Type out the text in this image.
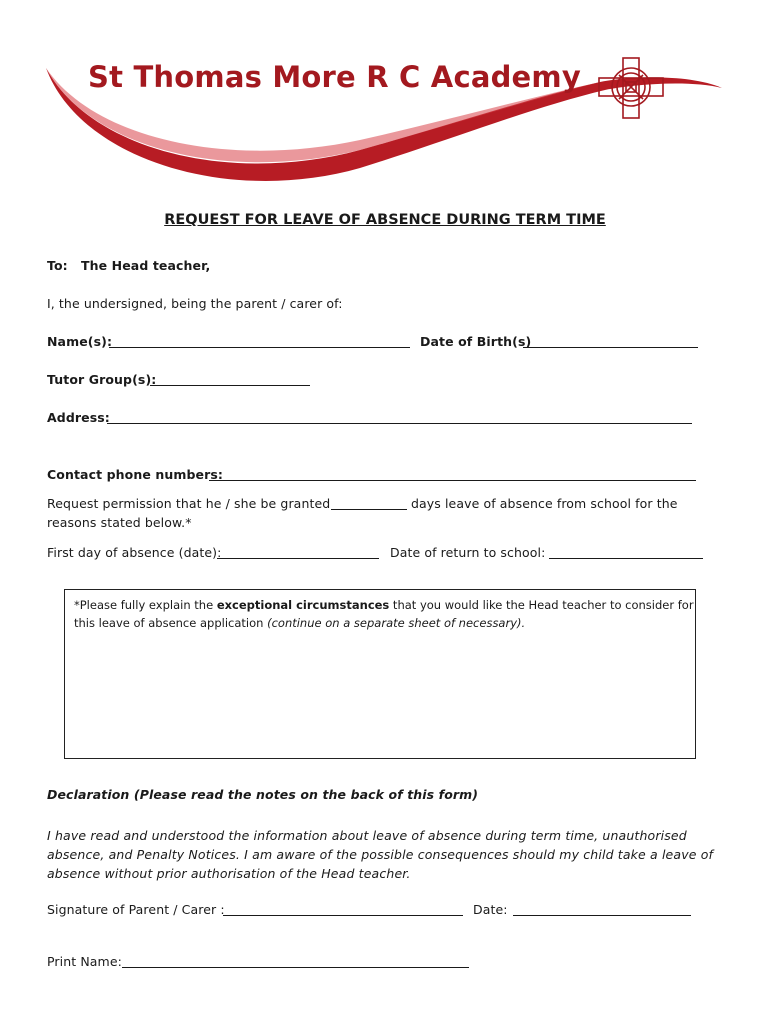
St Thomas More R C Academy
REQUEST FOR LEAVE OF ABSENCE DURING TERM TIME
To: The Head teacher,
I, the undersigned, being the parent / carer of:
Name(s):	Date of Birth(s)
Tutor Group(s):
Address:
Contact phone numbers:
Request permission that he / she be granted	days leave of absence from school for the
reasons stated below.*
First day of absence (date):	Date of return to school:
*Please fully explain the exceptional circumstances that you would like the Head teacher to consider for
this leave of absence application (continue on a separate sheet of necessary).
Declaration (Please read the notes on the back of this form)
I have read and understood the information about leave of absence during term time, unauthorised
absence, and Penalty Notices. I am aware of the possible consequences should my child take a leave of
absence without prior authorisation of the Head teacher.
Signature of Parent / Carer :	Date:
Print Name:
